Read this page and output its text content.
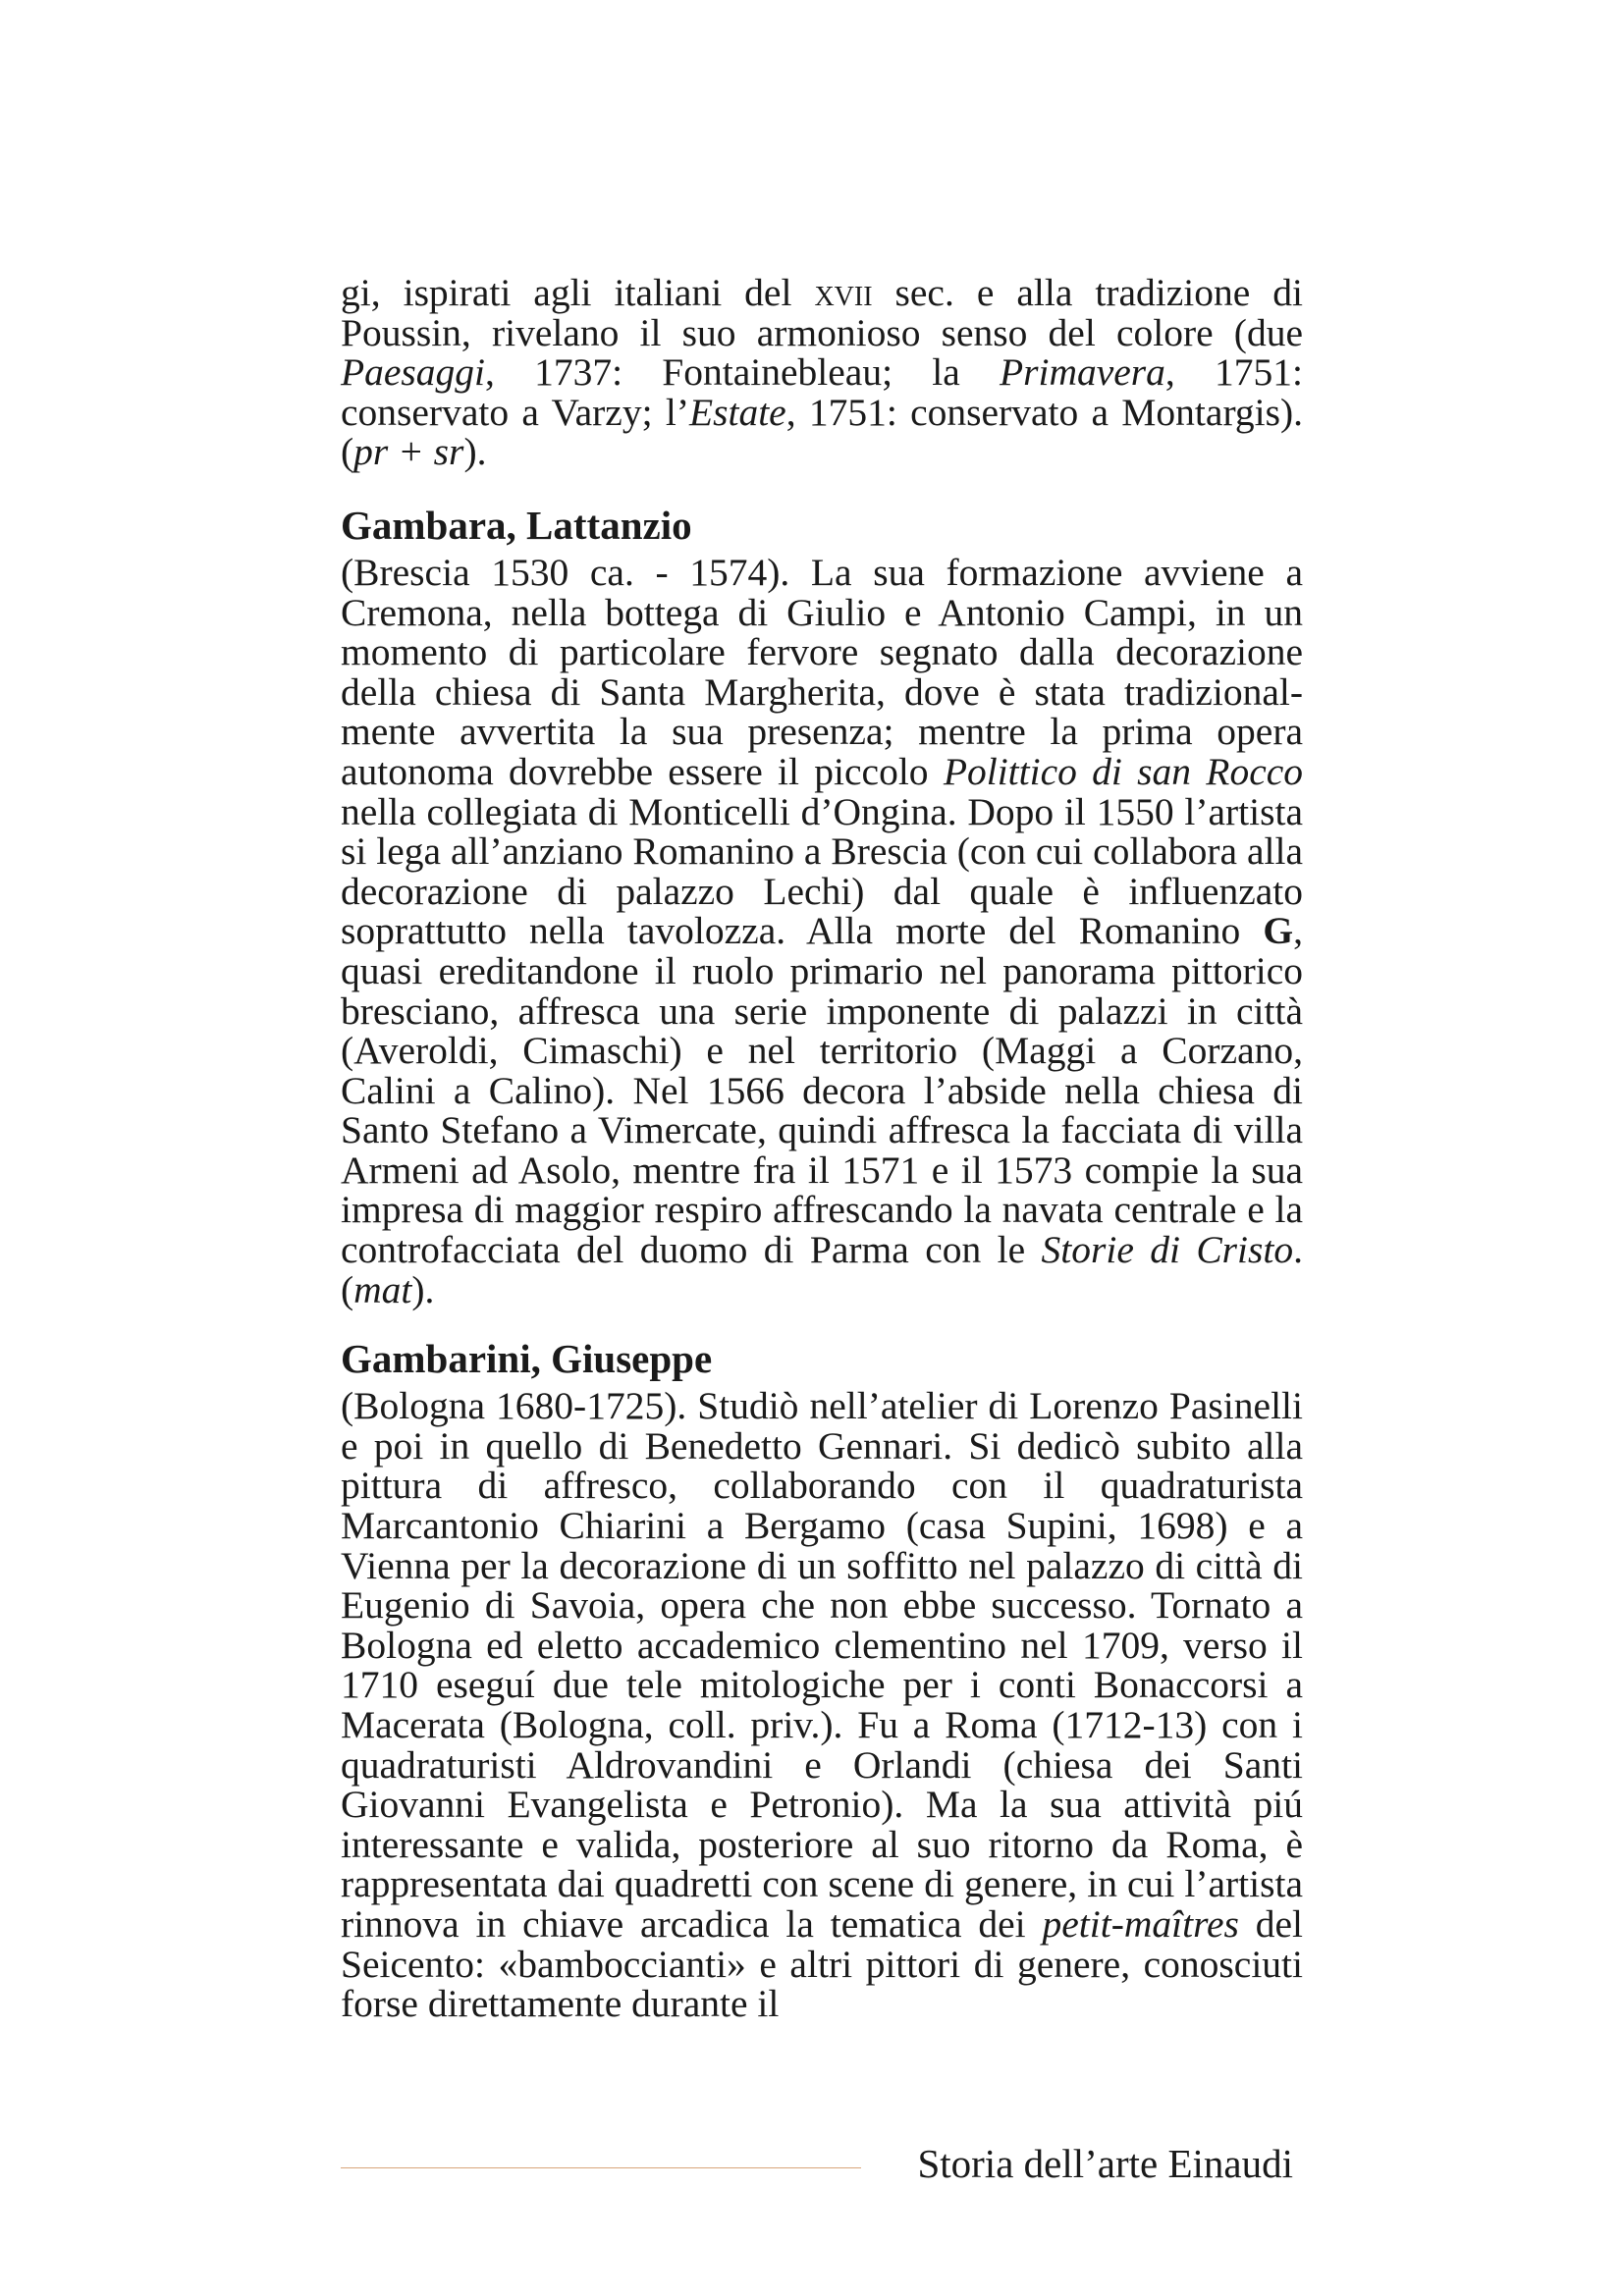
gi, ispirati agli italiani del xvii sec. e alla tradizione di Poussin, rivelano il suo armonioso senso del colore (due Paesaggi, 1737: Fontainebleau; la Primavera, 1751: conservato a Varzy; l’Estate, 1751: conservato a Montargis). (pr + sr).

Gambara, Lattanzio

(Brescia 1530 ca. - 1574). La sua formazione avviene a Cremona, nella bottega di Giulio e Antonio Campi, in un momento di particolare fervore segnato dalla decorazione della chiesa di Santa Margherita, dove è stata tradizionalmente avvertita la sua presenza; mentre la prima opera autonoma dovrebbe essere il piccolo Polittico di san Rocco nella collegiata di Monticelli d’Ongina. Dopo il 1550 l’artista si lega all’anziano Romanino a Brescia (con cui collabora alla decorazione di palazzo Lechi) dal quale è influenzato soprattutto nella tavolozza. Alla morte del Romanino G, quasi ereditandone il ruolo primario nel panorama pittorico bresciano, affresca una serie imponente di palazzi in città (Averoldi, Cimaschi) e nel territorio (Maggi a Corzano, Calini a Calino). Nel 1566 decora l’abside nella chiesa di Santo Stefano a Vimercate, quindi affresca la facciata di villa Armeni ad Asolo, mentre fra il 1571 e il 1573 compie la sua impresa di maggior respiro affrescando la navata centrale e la controfacciata del duomo di Parma con le Storie di Cristo. (mat).

Gambarini, Giuseppe

(Bologna 1680-1725). Studiò nell’atelier di Lorenzo Pasinelli e poi in quello di Benedetto Gennari. Si dedicò subito alla pittura di affresco, collaborando con il quadraturista Marcantonio Chiarini a Bergamo (casa Supini, 1698) e a Vienna per la decorazione di un soffitto nel palazzo di città di Eugenio di Savoia, opera che non ebbe successo. Tornato a Bologna ed eletto accademico clementino nel 1709, verso il 1710 eseguí due tele mitologiche per i conti Bonaccorsi a Macerata (Bologna, coll. priv.). Fu a Roma (1712-13) con i quadraturisti Aldrovandini e Orlandi (chiesa dei Santi Giovanni Evangelista e Petronio). Ma la sua attività piú interessante e valida, posteriore al suo ritorno da Roma, è rappresentata dai quadretti con scene di genere, in cui l’artista rinnova in chiave arcadica la tematica dei petit-maîtres del Seicento: «bamboccianti» e altri pittori di genere, conosciuti forse direttamente durante il

Storia dell’arte Einaudi
